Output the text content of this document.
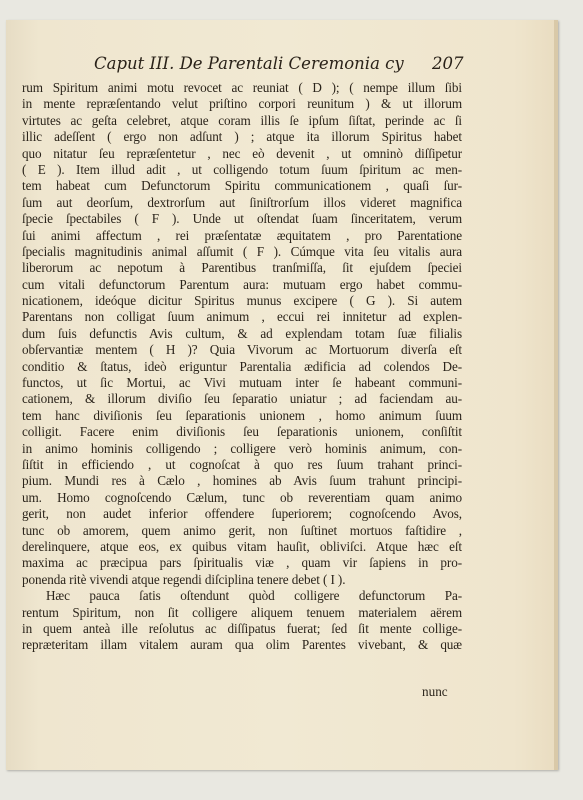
Caput III. De Parentali Ceremonia cy	207
rum Spiritum animi motu revocet ac reuniat ( D ); ( nempe illum ſibi
in mente repræſentando velut priſtino corpori reunitum ) & ut illorum
virtutes ac geſta celebret, atque coram illis ſe ipſum ſiſtat, perinde ac ſi
illic adeſſent ( ergo non adſunt ) ; atque ita illorum Spiritus habet
quo nitatur ſeu repræſentetur , nec eò devenit , ut omninò diſſipetur
( E ). Item illud adit , ut colligendo totum ſuum ſpiritum ac men-
tem habeat cum Defunctorum Spiritu communicationem , quaſi ſur-
ſum aut deorſum, dextrorſum aut ſiniſtrorſum illos videret magnifica
ſpecie ſpectabiles ( F ). Unde ut oſtendat ſuam ſinceritatem, verum
ſui animi affectum , rei præſentatæ æquitatem , pro Parentatione
ſpecialis magnitudinis animal aſſumit ( F ). Cúmque vita ſeu vitalis aura
liberorum ac nepotum à Parentibus tranſmiſſa, ſit ejuſdem ſpeciei
cum vitali defunctorum Parentum aura: mutuam ergo habet commu-
nicationem, ideóque dicitur Spiritus munus excipere ( G ). Si autem
Parentans non colligat ſuum animum , eccui rei innitetur ad explen-
dum ſuis defunctis Avis cultum, & ad explendam totam ſuæ filialis
obſervantiæ mentem ( H )? Quia Vivorum ac Mortuorum diverſa eſt
conditio & ſtatus, ideò eriguntur Parentalia ædificia ad colendos De-
functos, ut ſic Mortui, ac Vivi mutuam inter ſe habeant communi-
cationem, & illorum diviſio ſeu ſeparatio uniatur ; ad faciendam au-
tem hanc diviſionis ſeu ſeparationis unionem , homo animum ſuum
colligit. Facere enim diviſionis ſeu ſeparationis unionem, conſiſtit
in animo hominis colligendo ; colligere verò hominis animum, con-
ſiſtit in efficiendo , ut cognoſcat à quo res ſuum trahant princi-
pium. Mundi res à Cælo , homines ab Avis ſuum trahunt principi-
um. Homo cognoſcendo Cælum, tunc ob reverentiam quam animo
gerit, non audet inferior offendere ſuperiorem; cognoſcendo Avos,
tunc ob amorem, quem animo gerit, non ſuſtinet mortuos faſtidire ,
derelinquere, atque eos, ex quibus vitam hauſit, obliviſci. Atque hæc eſt
maxima ac præcipua pars ſpiritualis viæ , quam vir ſapiens in pro-
ponenda ritè vivendi atque regendi diſciplina tenere debet ( I ).
Hæc pauca ſatis oſtendunt quòd colligere defunctorum Pa-
rentum Spiritum, non ſit colligere aliquem tenuem materialem aërem
in quem anteà ille reſolutus ac diſſipatus fuerat; ſed ſit mente collige-
repræteritam illam vitalem auram qua olim Parentes vivebant, & quæ
nunc
